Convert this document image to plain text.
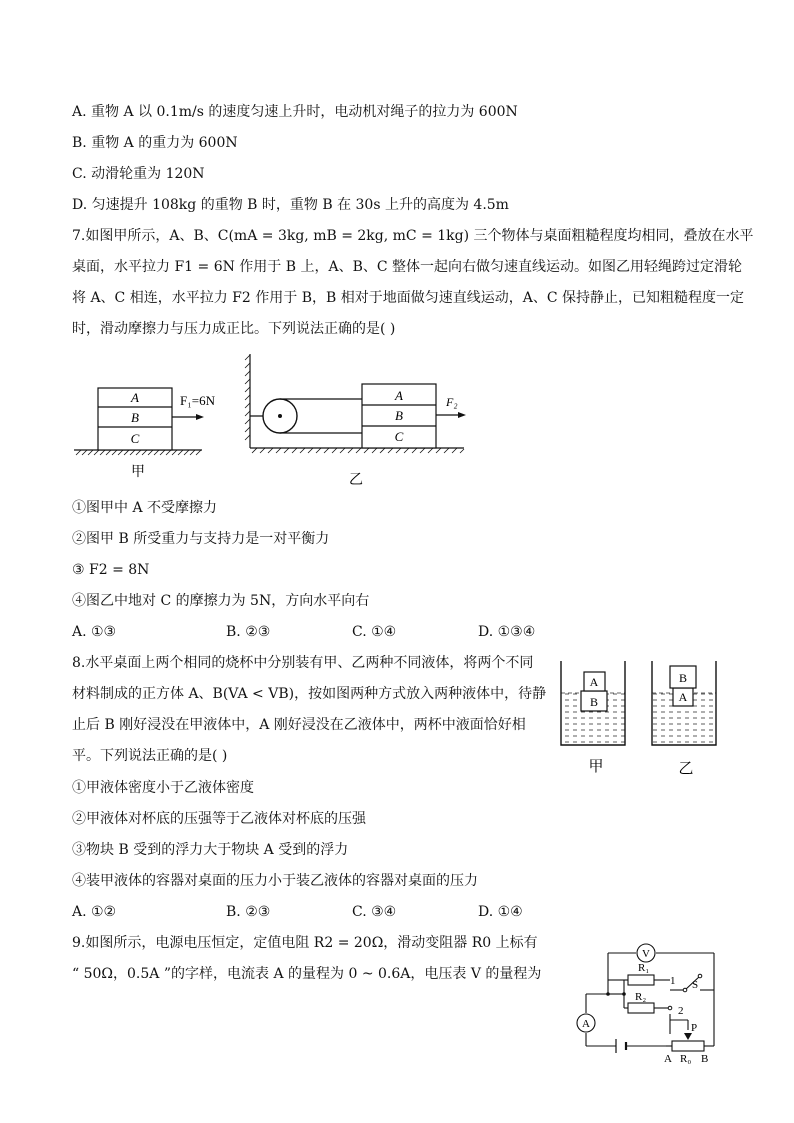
A. 重物 A 以 0.1m/s 的速度匀速上升时，电动机对绳子的拉力为 600N
B. 重物 A 的重力为 600N
C. 动滑轮重为 120N
D. 匀速提升 108kg 的重物 B 时，重物 B 在 30s 上升的高度为 4.5m
7.如图甲所示，A、B、C(mA = 3kg, mB = 2kg, mC = 1kg) 三个物体与桌面粗糙程度均相同，叠放在水平
桌面，水平拉力 F1 = 6N 作用于 B 上，A、B、C 整体一起向右做匀速直线运动。如图乙用轻绳跨过定滑轮
将 A、C 相连，水平拉力 F2 作用于 B，B 相对于地面做匀速直线运动，A、C 保持静止，已知粗糙程度一定
时，滑动摩擦力与压力成正比。下列说法正确的是( )
A
B
C
F₁=6N
甲
A
B
C
F₂
乙
①图甲中 A 不受摩擦力
②图甲 B 所受重力与支持力是一对平衡力
③ F2 = 8N
④图乙中地对 C 的摩擦力为 5N，方向水平向右
A. ①③	B. ②③	C. ①④	D. ①③④
8.水平桌面上两个相同的烧杯中分别装有甲、乙两种不同液体，将两个不同
材料制成的正方体 A、B(VA < VB)，按如图两种方式放入两种液体中，待静
止后 B 刚好浸没在甲液体中，A 刚好浸没在乙液体中，两杯中液面恰好相
平。下列说法正确的是( )
A
B
甲
B
A
乙
①甲液体密度小于乙液体密度
②甲液体对杯底的压强等于乙液体对杯底的压强
③物块 B 受到的浮力大于物块 A 受到的浮力
④装甲液体的容器对桌面的压力小于装乙液体的容器对桌面的压力
A. ①②	B. ②③	C. ③④	D. ①④
9.如图所示，电源电压恒定，定值电阻 R2 = 20Ω，滑动变阻器 R0 上标有
“ 50Ω，0.5A ”的字样，电流表 A 的量程为 0 ~ 0.6A，电压表 V 的量程为
V
A
R₁
R₂
1
2
S
P
A R₀ B
